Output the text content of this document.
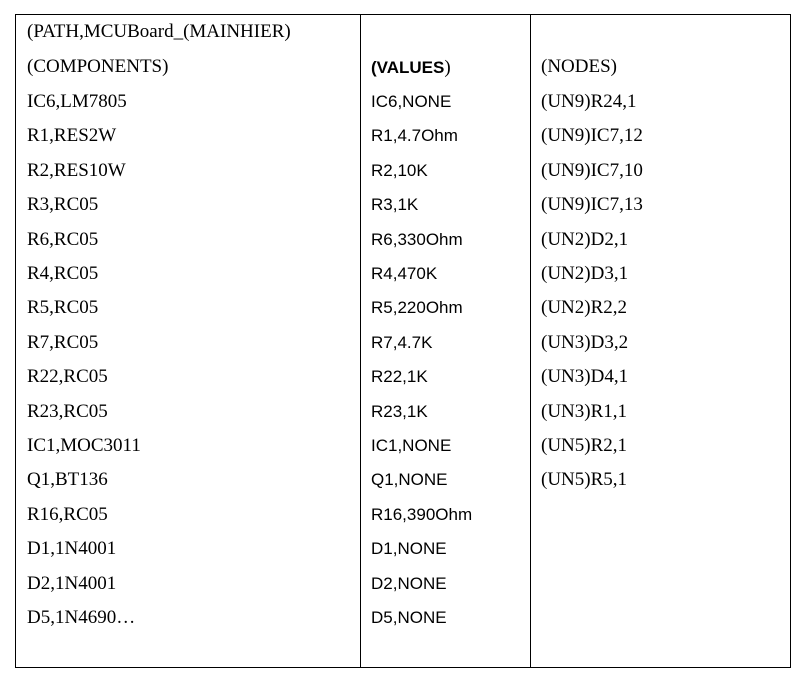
(PATH,MCUBoard_(MAINHIER)
(COMPONENTS)
IC6,LM7805
R1,RES2W
R2,RES10W
R3,RC05
R6,RC05
R4,RC05
R5,RC05
R7,RC05
R22,RC05
R23,RC05
IC1,MOC3011
Q1,BT136
R16,RC05
D1,1N4001
D2,1N4001
D5,1N4690…
(VALUES)
IC6,NONE
R1,4.7Ohm
R2,10K
R3,1K
R6,330Ohm
R4,470K
R5,220Ohm
R7,4.7K
R22,1K
R23,1K
IC1,NONE
Q1,NONE
R16,390Ohm
D1,NONE
D2,NONE
D5,NONE
(NODES)
(UN9)R24,1
(UN9)IC7,12
(UN9)IC7,10
(UN9)IC7,13
(UN2)D2,1
(UN2)D3,1
(UN2)R2,2
(UN3)D3,2
(UN3)D4,1
(UN3)R1,1
(UN5)R2,1
(UN5)R5,1
